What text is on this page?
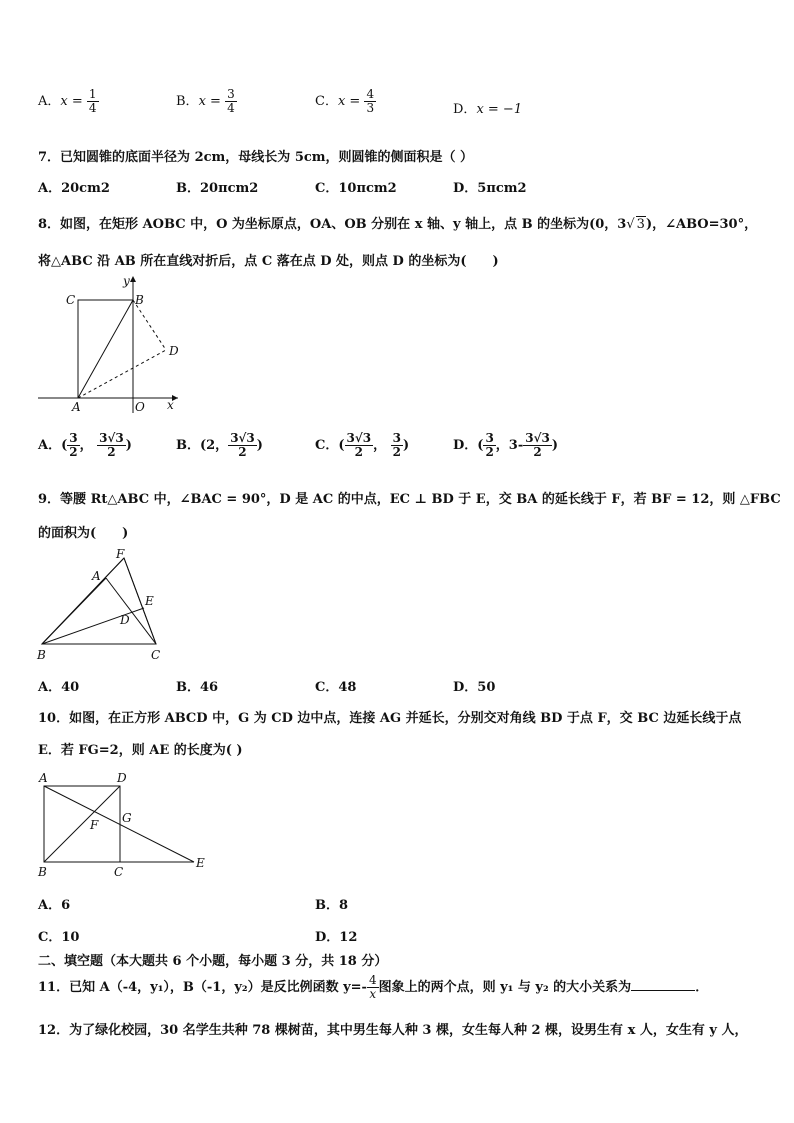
A．$x = \frac{1}{4}$	B．$x = \frac{3}{4}$	C．$x = \frac{4}{3}$	D．x = −1
7．已知圆锥的底面半径为 2cm，母线长为 5cm，则圆锥的侧面积是（ ）
A．20cm2	B．20πcm2	C．10πcm2	D．5πcm2
8．如图，在矩形 AOBC 中，O 为坐标原点，OA、OB 分别在 x 轴、y 轴上，点 B 的坐标为(0，3√ 3)，∠ABO=30°，
将△ABC 沿 AB 所在直线对折后，点 C 落在点 D 处，则点 D 的坐标为(　　)
C	B
y
D
A	O x
A．( $\frac{3}{2}$ ， $\frac{3√3}{2}$ )	B．(2， $\frac{3√3}{2}$ )	C．( $\frac{3√3}{2}$ ， $\frac{3}{2}$ )	D．( $\frac{3}{2}$ ，$3- \frac{3√3}{2}$ )
9．等腰 Rt△ABC 中，∠BAC = 90°，D 是 AC 的中点，EC ⊥ BD 于 E，交 BA 的延长线于 F，若 BF = 12，则 △FBC
的面积为(　　)
F
A
E
D
B	C
A．40	B．46	C．48	D．50
10．如图，在正方形 ABCD 中，G 为 CD 边中点，连接 AG 并延长，分别交对角线 BD 于点 F，交 BC 边延长线于点
E．若 FG=2，则 AE 的长度为( )
A	D
F G
B	C
E
A．6	B．8
C．10	D．12
二、填空题（本大题共 6 个小题，每小题 3 分，共 18 分）
11．已知 A（-4，y₁），B（-1，y₂）是反比例函数 $y=- \frac{4}{x}$ 图象上的两个点，则 y₁ 与 y₂ 的大小关系为	．
12．为了绿化校园，30 名学生共种 78 棵树苗，其中男生每人种 3 棵，女生每人种 2 棵，设男生有 x 人，女生有 y 人，
